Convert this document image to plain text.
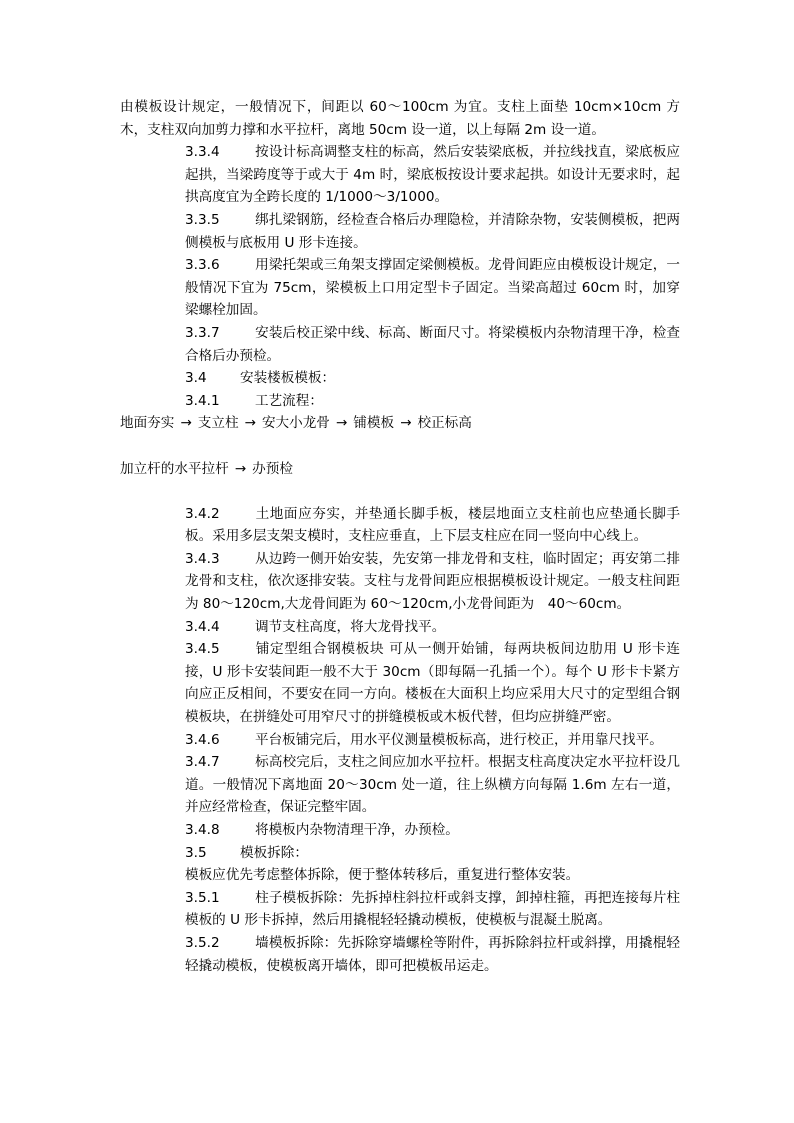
由模板设计规定，一般情况下，间距以 60～100cm 为宜。支柱上面垫 10cm×10cm 方木，支柱双向加剪力撑和水平拉杆，离地 50cm 设一道，以上每隔 2m 设一道。

3.3.4	按设计标高调整支柱的标高，然后安装梁底板，并拉线找直，梁底板应起拱，当梁跨度等于或大于 4m 时，梁底板按设计要求起拱。如设计无要求时，起拱高度宜为全跨长度的 1/1000～3/1000。

3.3.5	绑扎梁钢筋，经检查合格后办理隐检，并清除杂物，安装侧模板，把两侧模板与底板用 U 形卡连接。

3.3.6	用梁托架或三角架支撑固定梁侧模板。龙骨间距应由模板设计规定，一般情况下宜为 75cm，梁模板上口用定型卡子固定。当梁高超过 60cm 时，加穿梁螺栓加固。

3.3.7	安装后校正梁中线、标高、断面尺寸。将梁模板内杂物清理干净，检查合格后办预检。

3.4 安装楼板模板：

3.4.1	工艺流程：

地面夯实 → 支立柱 → 安大小龙骨 → 铺模板 → 校正标高

加立杆的水平拉杆 → 办预检

3.4.2	土地面应夯实，并垫通长脚手板，楼层地面立支柱前也应垫通长脚手板。采用多层支架支模时，支柱应垂直，上下层支柱应在同一竖向中心线上。

3.4.3	从边跨一侧开始安装，先安第一排龙骨和支柱，临时固定；再安第二排龙骨和支柱，依次逐排安装。支柱与龙骨间距应根据模板设计规定。一般支柱间距为 80～120cm,大龙骨间距为 60～120cm,小龙骨间距为　40～60cm。

3.4.4	调节支柱高度，将大龙骨找平。

3.4.5	铺定型组合钢模板块 可从一侧开始铺，每两块板间边肋用 U 形卡连接，U 形卡安装间距一般不大于 30cm（即每隔一孔插一个）。每个 U 形卡卡紧方向应正反相间，不要安在同一方向。楼板在大面积上均应采用大尺寸的定型组合钢模板块，在拼缝处可用窄尺寸的拼缝模板或木板代替，但均应拼缝严密。

3.4.6	平台板铺完后，用水平仪测量模板标高，进行校正，并用靠尺找平。

3.4.7	标高校完后，支柱之间应加水平拉杆。根据支柱高度决定水平拉杆设几道。一般情况下离地面 20～30cm 处一道，往上纵横方向每隔 1.6m 左右一道，并应经常检查，保证完整牢固。

3.4.8	将模板内杂物清理干净，办预检。

3.5 模板拆除：

模板应优先考虑整体拆除，便于整体转移后，重复进行整体安装。

3.5.1	柱子模板拆除：先拆掉柱斜拉杆或斜支撑，卸掉柱箍，再把连接每片柱模板的 U 形卡拆掉，然后用撬棍轻轻撬动模板，使模板与混凝土脱离。

3.5.2	墙模板拆除：先拆除穿墙螺栓等附件，再拆除斜拉杆或斜撑，用撬棍轻轻撬动模板，使模板离开墙体，即可把模板吊运走。
